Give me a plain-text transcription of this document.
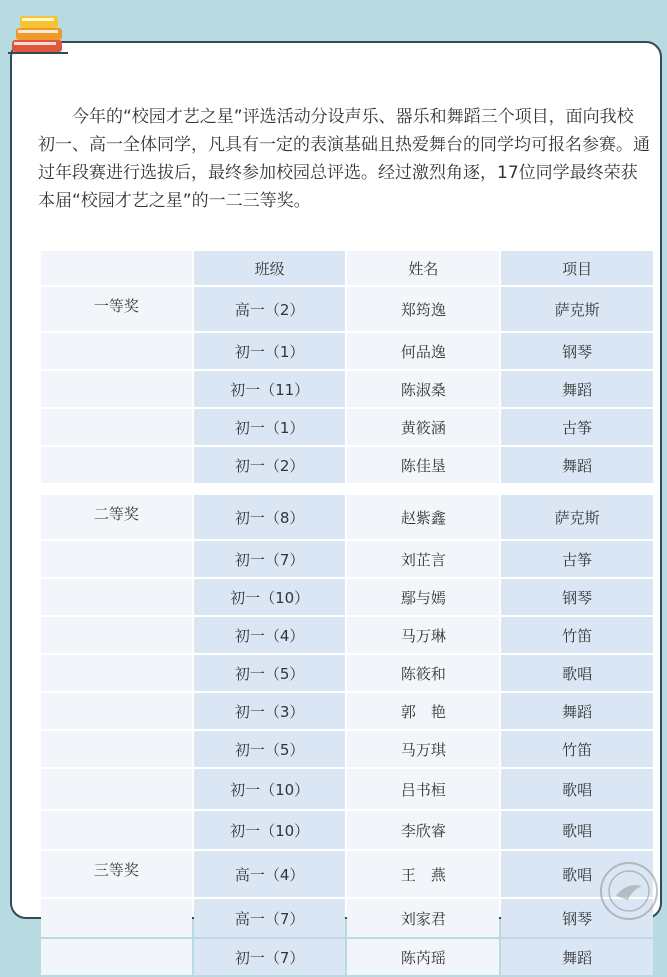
今年的“校园才艺之星”评选活动分设声乐、器乐和舞蹈三个项目，面向我校初一、高一全体同学，凡具有一定的表演基础且热爱舞台的同学均可报名参赛。通过年段赛进行选拔后，最终参加校园总评选。经过激烈角逐，17位同学最终荣获本届“校园才艺之星”的一二三等奖。

	班级	姓名	项目
一等奖	高一（2）	郑筠逸	萨克斯
	初一（1）	何品逸	钢琴
	初一（11）	陈淑桑	舞蹈
	初一（1）	黄筱涵	古筝
	初一（2）	陈佳垦	舞蹈

二等奖	初一（8）	赵紫鑫	萨克斯
	初一（7）	刘芷言	古筝
	初一（10）	鄢与嫣	钢琴
	初一（4）	马万琳	竹笛
	初一（5）	陈筱和	歌唱
	初一（3）	郭　艳	舞蹈
	初一（5）	马万琪	竹笛
	初一（10）	吕书桓	歌唱
	初一（10）	李欣睿	歌唱
三等奖	高一（4）	王　燕	歌唱
	高一（7）	刘家君	钢琴
	初一（7）	陈芮瑶	舞蹈
